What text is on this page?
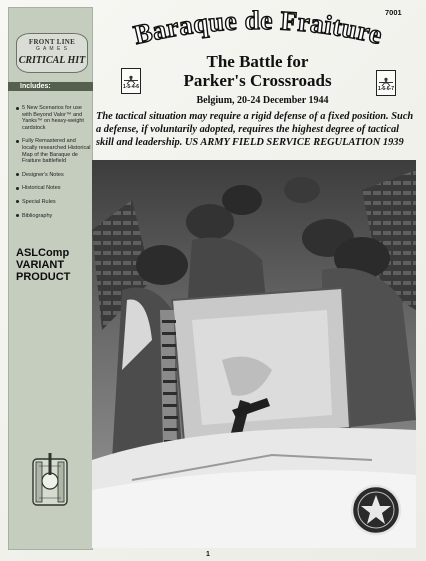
FRONT LINE
G A M E S
CRITICAL HIT
Includes:
5 New Scenarios for use with Beyond Valor™ and Yanks™ on heavy-weight cardstock
Fully Remastered and locally researched Historical Map of the Baraque de Fraiture battlefield
Designer's Notes
Historical Notes
Special Rules
Bibliography
ASLComp
VARIANT
PRODUCT
7001
Baraque de Fraiture
The Battle for
Parker's Crossroads
1-5-4-6	1-6-6-7
Belgium, 20-24 December 1944
The tactical situation may require a rigid defense of a fixed position. Such a defense, if voluntarily adopted, requires the highest degree of tactical skill and leadership. US ARMY FIELD SERVICE REGULATION 1939
1
